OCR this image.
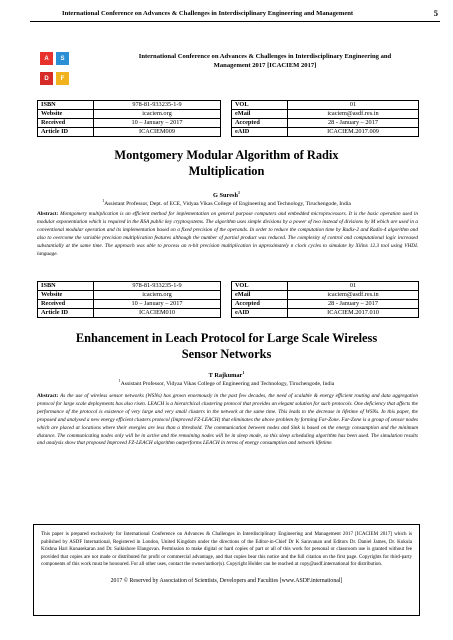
International Conference on Advances & Challenges in Interdisciplinary Engineering and Management	5
A	S
D	F
International Conference on Advances & Challenges in Interdisciplinary Engineering and
Management 2017 [ICACIEM 2017]
ISBN	978-81-933235-1-9		VOL	01
Website	icaciem.org		eMail	icaciem@asdf.res.in
Received	10 – January – 2017		Accepted	28 - January – 2017
Article ID	ICACIEM009		eAID	ICACIEM.2017.009
Montgomery Modular Algorithm of Radix
Multiplication
G Suresh$^1$
$^1$Assistant Professor, Dept. of ECE, Vidyaa Vikas College of Engineering and Technology, Tiruchengode, India
Abstract: Montgomery multiplication is an efficient method for implementation on general purpose computers and embedded microprocessors. It is the basic operation used in modular exponentiation which is required in the RSA public key cryptosystems. The algorithm uses simple divisions by a power of two instead of divisions by M which are used in a conventional modular operation and its implementation based on a fixed precision of the operands. In order to reduce the computation time by Radix-2 and Radix-4 algorithm and also to overcome the variable precision multiplication features although the number of partial product was reduced. The complexity of control and computational logic increased substantially at the same time. The approach was able to process an n-bit precision multiplication in approximately n clock cycles to simulate by Xilinx 12.3 tool using VHDL language.
ISBN	978-81-933235-1-9		VOL	01
Website	icaciem.org		eMail	icaciem@asdf.res.in
Received	10 – January – 2017		Accepted	28 - January – 2017
Article ID	ICACIEM010		eAID	ICACIEM.2017.010
Enhancement in Leach Protocol for Large Scale Wireless
Sensor Networks
T Rajkumar$^1$
$^1$Assistant Professor, Vidyaa Vikas College of Engineering and Technology, Tiruchengode, India
Abstract: As the use of wireless sensor networks (WSNs) has grown enormously in the past few decades, the need of scalable & energy efficient routing and data aggregation protocol for large scale deployments has also risen. LEACH is a hierarchical clustering protocol that provides an elegant solution for such protocols. One deficiency that affects the performance of the protocol is existence of very large and very small clusters in the network at the same time. This leads to the decrease in lifetime of WSNs. In this paper, the proposed and analysed a new energy efficient clusters protocol (Improved FZ-LEACH) that eliminates the above problem by forming Far-Zone. Far-Zone is a group of sensor nodes which are placed at locations where their energies are less than a threshold. The communication between nodes and Sink is based on the energy consumption and the minimum distance. The communicating nodes only will be in active and the remaining nodes will be in sleep mode, so this sleep scheduling algorithm has been used. The simulation results and analysis show that proposed Improved FZ-LEACH algorithm outperforms LEACH in terms of energy consumption and network lifetime.
This paper is prepared exclusively for International Conference on Advances & Challenges in Interdisciplinary Engineering and Management 2017 [ICACIEM 2017] which is published by ASDF International, Registered in London, United Kingdom under the directions of the Editor-in-Chief Dr K Saravanan and Editors Dr. Daniel James, Dr. Kokula Krishna Hari Kunasekaran and Dr. Saikishore Elangovan. Permission to make digital or hard copies of part or all of this work for personal or classroom use is granted without fee provided that copies are not made or distributed for profit or commercial advantage, and that copies bear this notice and the full citation on the first page. Copyrights for third-party components of this work must be honoured. For all other uses, contact the owner/author(s). Copyright Holder can be reached at copy@asdf.international for distribution.
2017 © Reserved by Association of Scientists, Developers and Faculties [www.ASDF.international]
